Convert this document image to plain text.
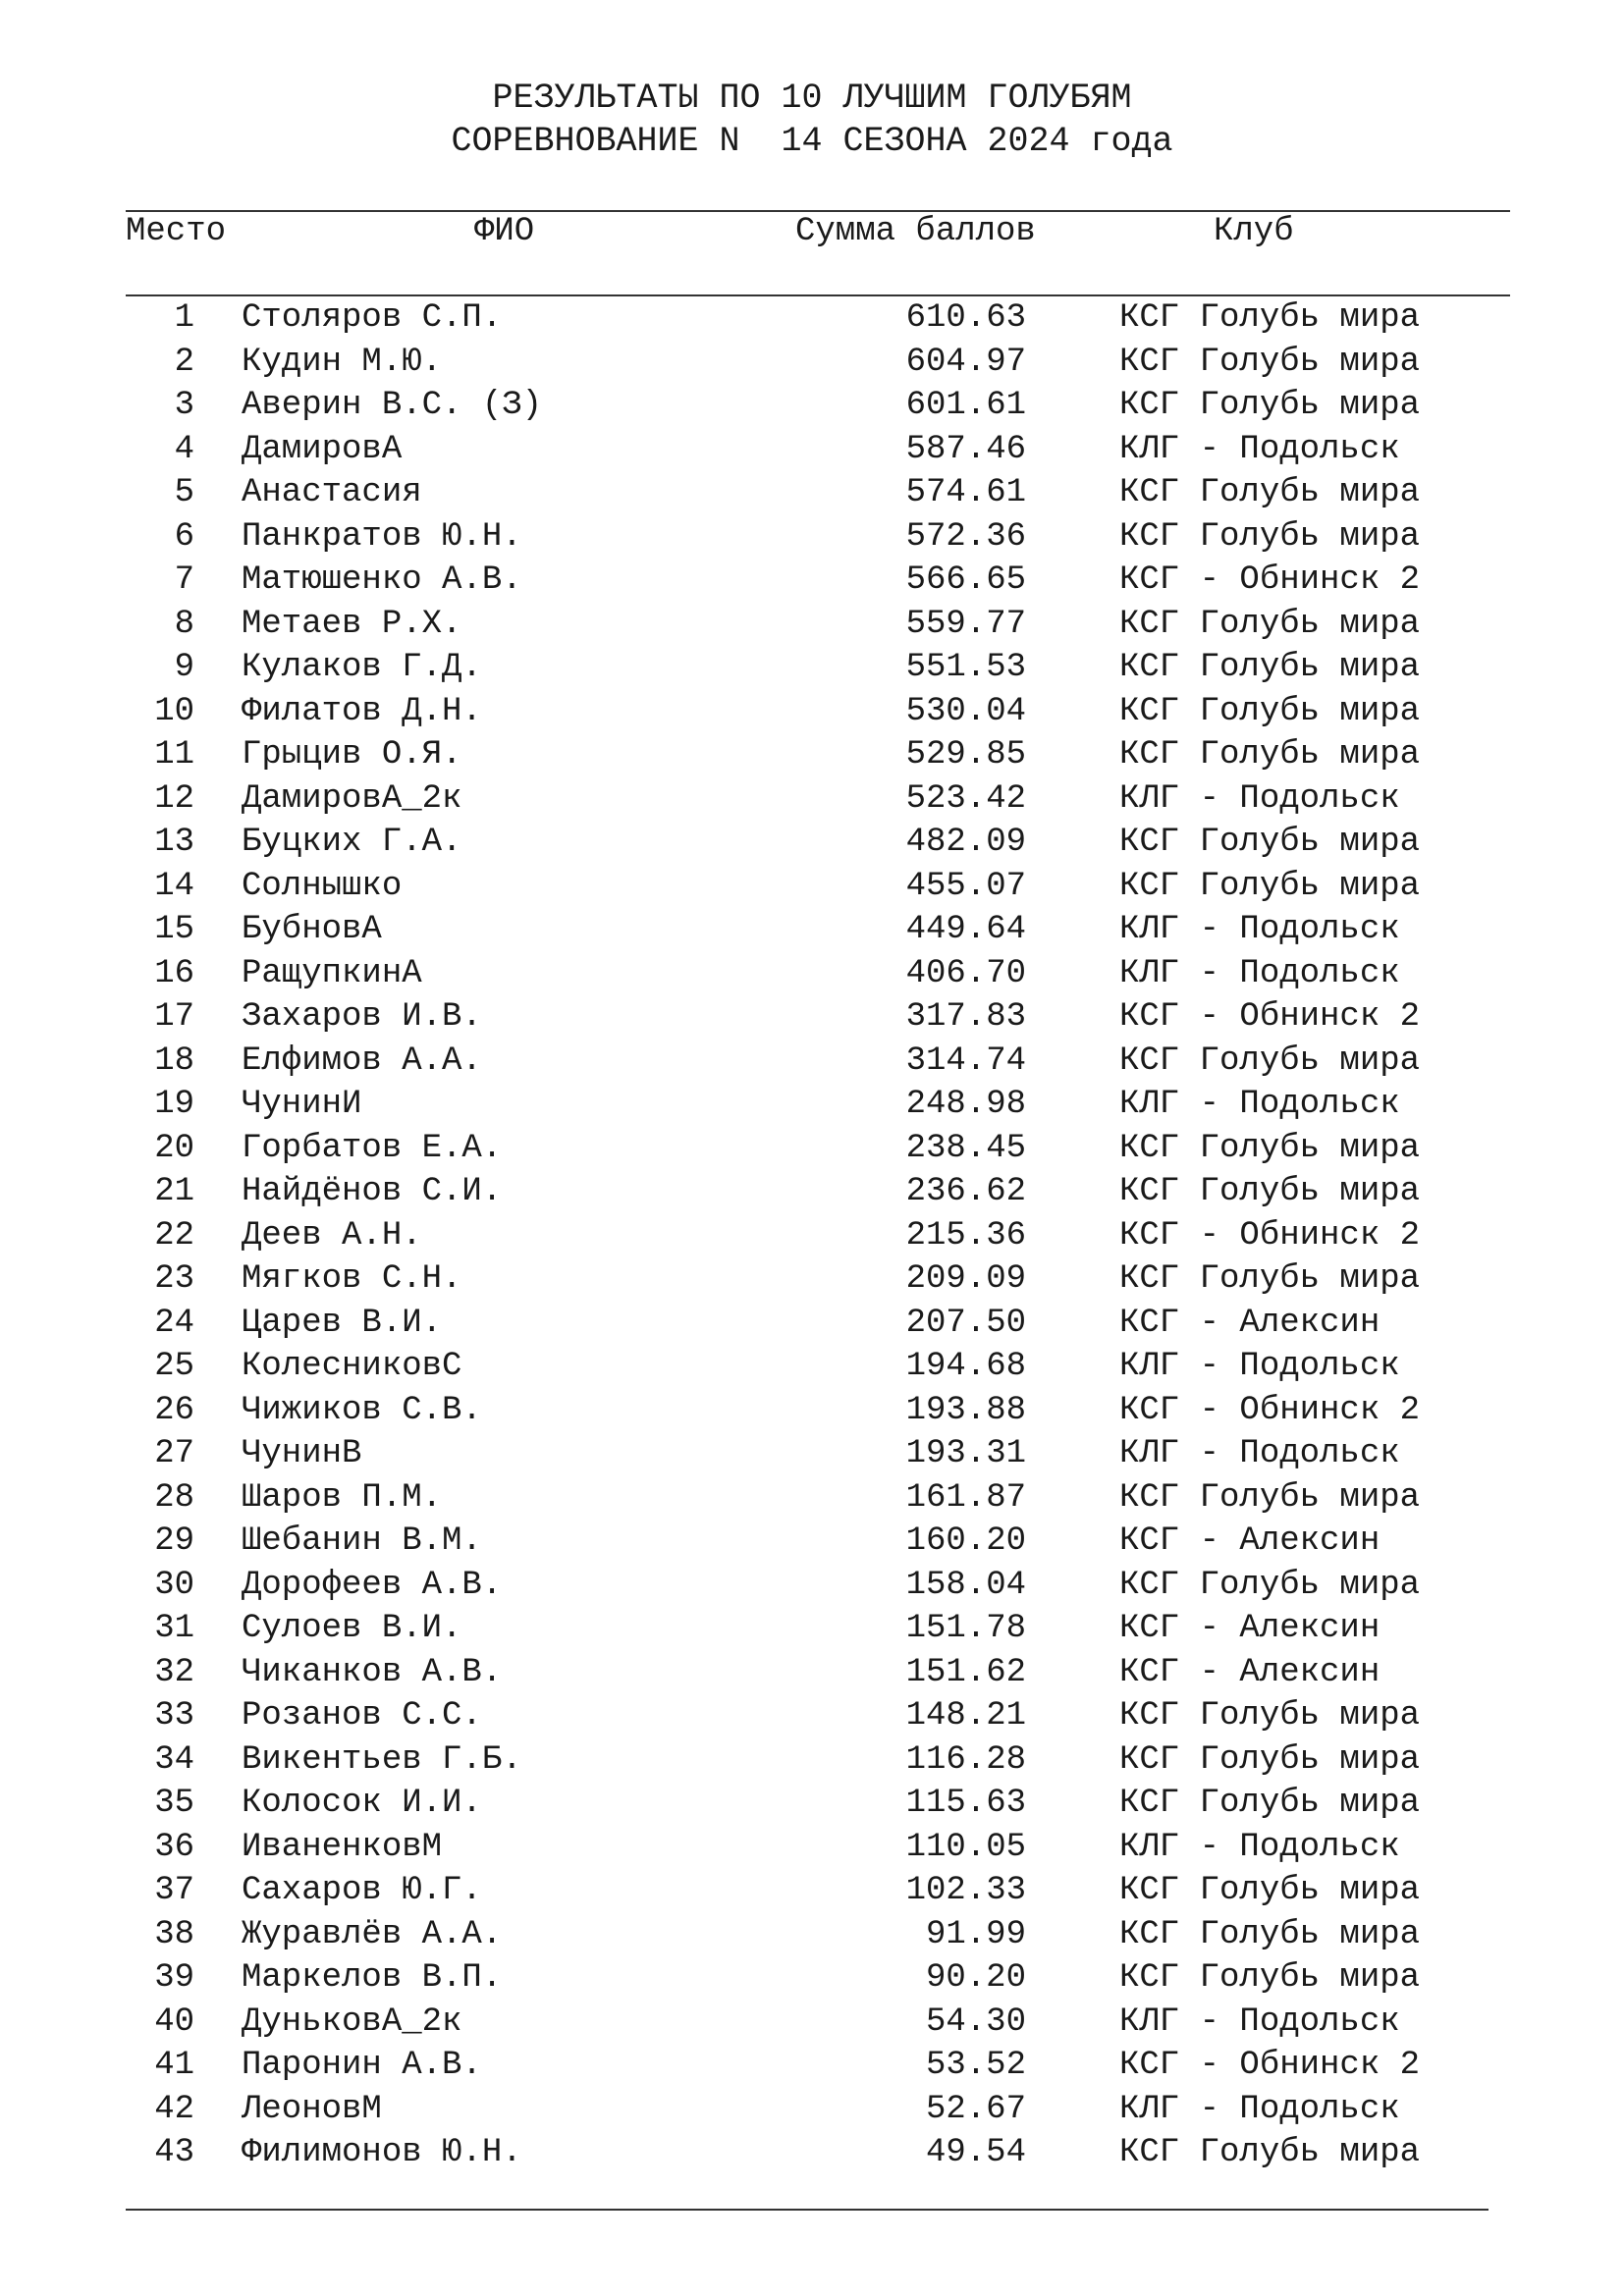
РЕЗУЛЬТАТЫ ПО 10 ЛУЧШИМ ГОЛУБЯМ
СОРЕВНОВАНИЕ N  14 СЕЗОНА 2024 года
Место	ФИО	Сумма баллов	Клуб
1 Столяров С.П.	610.63	КСГ Голубь мира
2 Кудин М.Ю.	604.97	КСГ Голубь мира
3 Аверин В.С. (З)	601.61	КСГ Голубь мира
4 ДамировА	587.46	КЛГ - Подольск
5 Анастасия	574.61	КСГ Голубь мира
6 Панкратов Ю.Н.	572.36	КСГ Голубь мира
7 Матюшенко А.В.	566.65	КСГ - Обнинск 2
8 Метаев Р.Х.	559.77	КСГ Голубь мира
9 Кулаков Г.Д.	551.53	КСГ Голубь мира
10 Филатов Д.Н.	530.04	КСГ Голубь мира
11 Грыцив О.Я.	529.85	КСГ Голубь мира
12 ДамировА_2к	523.42	КЛГ - Подольск
13 Буцких Г.А.	482.09	КСГ Голубь мира
14 Солнышко	455.07	КСГ Голубь мира
15 БубновА	449.64	КЛГ - Подольск
16 РащупкинА	406.70	КЛГ - Подольск
17 Захаров И.В.	317.83	КСГ - Обнинск 2
18 Елфимов А.А.	314.74	КСГ Голубь мира
19 ЧунинИ	248.98	КЛГ - Подольск
20 Горбатов Е.А.	238.45	КСГ Голубь мира
21 Найдёнов С.И.	236.62	КСГ Голубь мира
22 Деев А.Н.	215.36	КСГ - Обнинск 2
23 Мягков С.Н.	209.09	КСГ Голубь мира
24 Царев В.И.	207.50	КСГ - Алексин
25 КолесниковС	194.68	КЛГ - Подольск
26 Чижиков С.В.	193.88	КСГ - Обнинск 2
27 ЧунинВ	193.31	КЛГ - Подольск
28 Шаров П.М.	161.87	КСГ Голубь мира
29 Шебанин В.М.	160.20	КСГ - Алексин
30 Дорофеев А.В.	158.04	КСГ Голубь мира
31 Сулоев В.И.	151.78	КСГ - Алексин
32 Чиканков А.В.	151.62	КСГ - Алексин
33 Розанов С.С.	148.21	КСГ Голубь мира
34 Викентьев Г.Б.	116.28	КСГ Голубь мира
35 Колосок И.И.	115.63	КСГ Голубь мира
36 ИваненковМ	110.05	КЛГ - Подольск
37 Сахаров Ю.Г.	102.33	КСГ Голубь мира
38 Журавлёв А.А.	91.99	КСГ Голубь мира
39 Маркелов В.П.	90.20	КСГ Голубь мира
40 ДуньковА_2к	54.30	КЛГ - Подольск
41 Паронин А.В.	53.52	КСГ - Обнинск 2
42 ЛеоновМ	52.67	КЛГ - Подольск
43 Филимонов Ю.Н.	49.54	КСГ Голубь мира
